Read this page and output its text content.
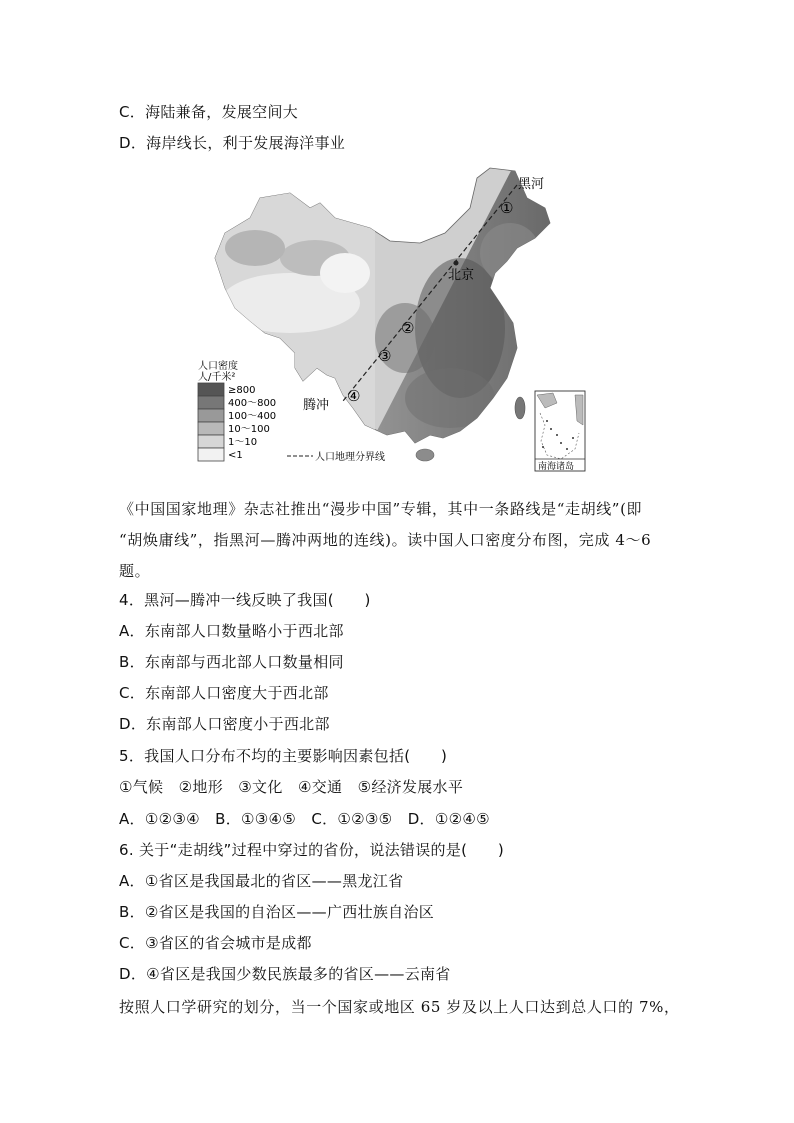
C．海陆兼备，发展空间大
D．海岸线长，利于发展海洋事业
①
黑河
北京
②
③
④
腾冲
人口密度
人/千米²
≥800
400～800
100～400
10～100
1～10
<1	人口地理分界线
南海诸岛
《中国国家地理》杂志社推出“漫步中国”专辑，其中一条路线是“走胡线”(即
“胡焕庸线”，指黑河—腾冲两地的连线)。读中国人口密度分布图，完成 4～6
题。
4．黑河—腾冲一线反映了我国(　　)
A．东南部人口数量略小于西北部
B．东南部与西北部人口数量相同
C．东南部人口密度大于西北部
D．东南部人口密度小于西北部
5．我国人口分布不均的主要影响因素包括(　　)
①气候　②地形　③文化　④交通　⑤经济发展水平
A．①②③④　B．①③④⑤　C．①②③⑤　D．①②④⑤
6. 关于“走胡线”过程中穿过的省份，说法错误的是(　　)
A．①省区是我国最北的省区——黑龙江省
B．②省区是我国的自治区——广西壮族自治区
C．③省区的省会城市是成都
D．④省区是我国少数民族最多的省区——云南省
按照人口学研究的划分，当一个国家或地区 65 岁及以上人口达到总人口的 7%，
